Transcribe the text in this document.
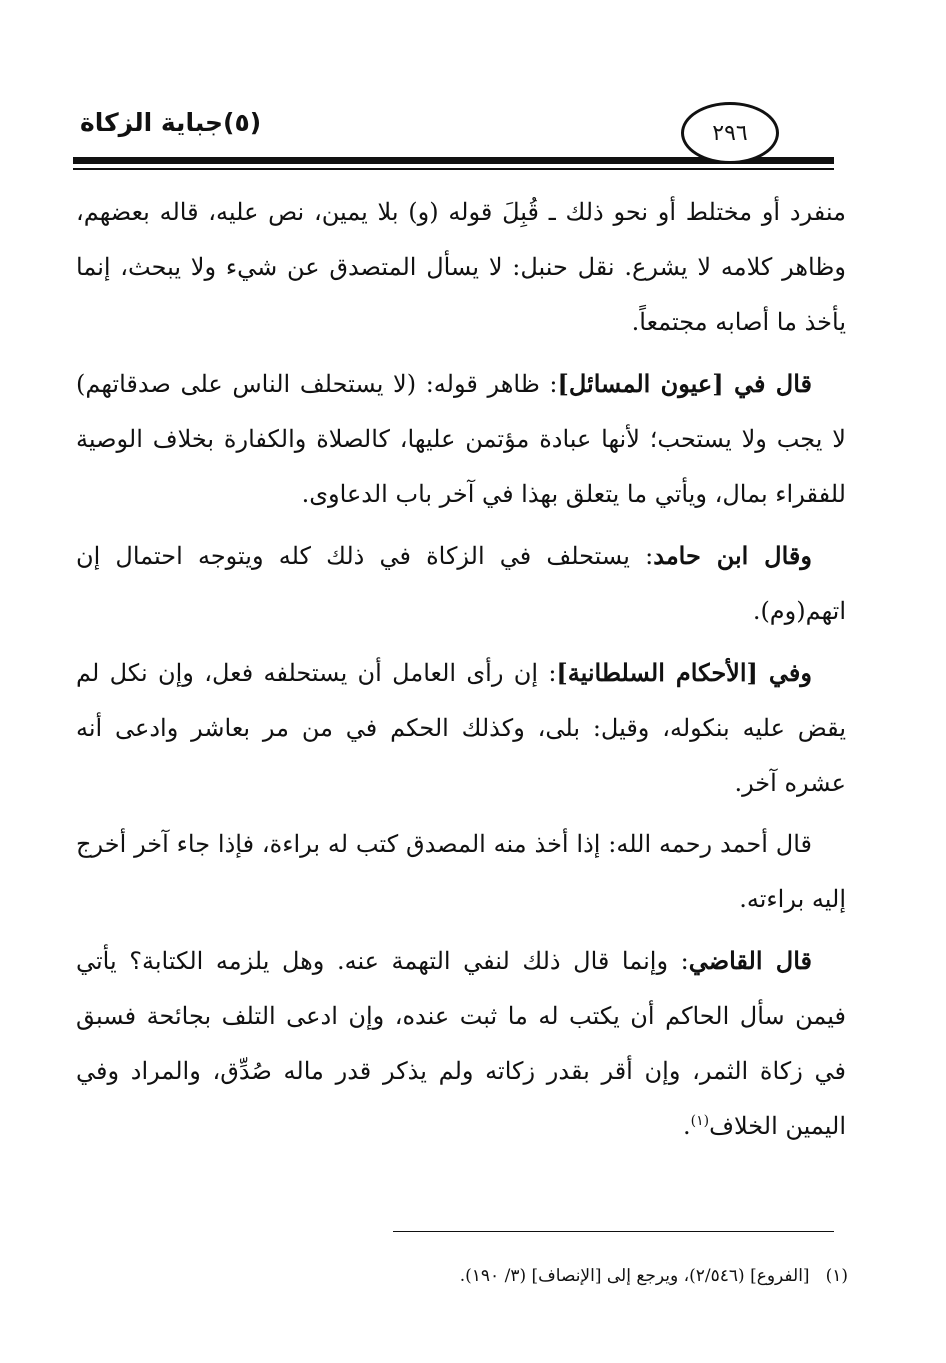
(٥)جباية الزكاة	٢٩٦

منفرد أو مختلط أو نحو ذلك ـ قُبِلَ قوله (و) بلا يمين، نص عليه، قاله بعضهم، وظاهر كلامه لا يشرع. نقل حنبل: لا يسأل المتصدق عن شيء ولا يبحث، إنما يأخذ ما أصابه مجتمعاً.

قال في [عيون المسائل]: ظاهر قوله: (لا يستحلف الناس على صدقاتهم) لا يجب ولا يستحب؛ لأنها عبادة مؤتمن عليها، كالصلاة والكفارة بخلاف الوصية للفقراء بمال، ويأتي ما يتعلق بهذا في آخر باب الدعاوى.

وقال ابن حامد: يستحلف في الزكاة في ذلك كله ويتوجه احتمال إن اتهم(وم).

وفي [الأحكام السلطانية]: إن رأى العامل أن يستحلفه فعل، وإن نكل لم يقض عليه بنكوله، وقيل: بلى، وكذلك الحكم في من مر بعاشر وادعى أنه عشره آخر.

قال أحمد رحمه الله: إذا أخذ منه المصدق كتب له براءة، فإذا جاء آخر أخرج إليه براءته.

قال القاضي: وإنما قال ذلك لنفي التهمة عنه. وهل يلزمه الكتابة؟ يأتي فيمن سأل الحاكم أن يكتب له ما ثبت عنده، وإن ادعى التلف بجائحة فسبق في زكاة الثمر، وإن أقر بقدر زكاته ولم يذكر قدر ماله صُدِّق، والمراد وفي اليمين الخلاف$^{(١)}$.

(١)[الفروع] (٢/٥٤٦)، ويرجع إلى [الإنصاف] (٣/ ١٩٠).
